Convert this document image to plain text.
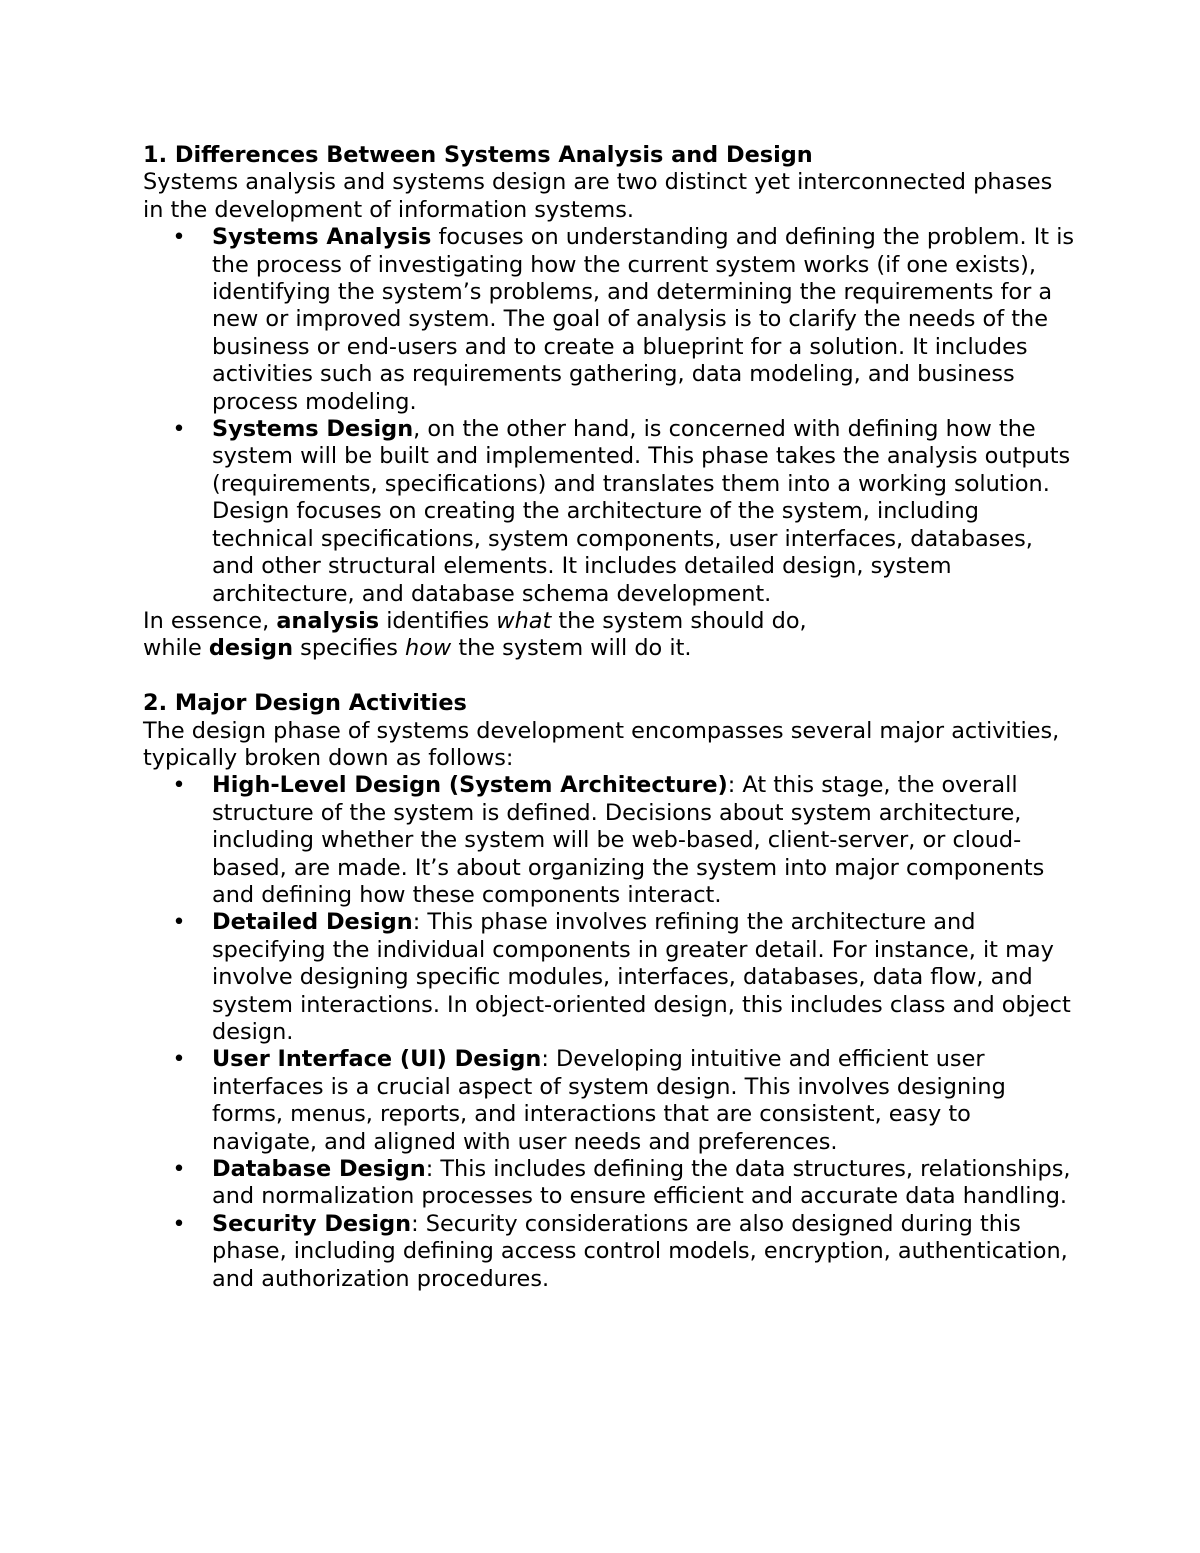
1. Differences Between Systems Analysis and Design

Systems analysis and systems design are two distinct yet interconnected phases in the development of information systems.

• Systems Analysis focuses on understanding and defining the problem. It is the process of investigating how the current system works (if one exists), identifying the system’s problems, and determining the requirements for a new or improved system. The goal of analysis is to clarify the needs of the business or end-users and to create a blueprint for a solution. It includes activities such as requirements gathering, data modeling, and business process modeling.
• Systems Design, on the other hand, is concerned with defining how the system will be built and implemented. This phase takes the analysis outputs (requirements, specifications) and translates them into a working solution. Design focuses on creating the architecture of the system, including technical specifications, system components, user interfaces, databases, and other structural elements. It includes detailed design, system architecture, and database schema development.

In essence, analysis identifies what the system should do,

while design specifies how the system will do it.

2. Major Design Activities

The design phase of systems development encompasses several major activities, typically broken down as follows:

• High-Level Design (System Architecture): At this stage, the overall structure of the system is defined. Decisions about system architecture, including whether the system will be web-based, client-server, or cloud-based, are made. It’s about organizing the system into major components and defining how these components interact.
• Detailed Design: This phase involves refining the architecture and specifying the individual components in greater detail. For instance, it may involve designing specific modules, interfaces, databases, data flow, and system interactions. In object-oriented design, this includes class and object design.
• User Interface (UI) Design: Developing intuitive and efficient user interfaces is a crucial aspect of system design. This involves designing forms, menus, reports, and interactions that are consistent, easy to navigate, and aligned with user needs and preferences.
• Database Design: This includes defining the data structures, relationships, and normalization processes to ensure efficient and accurate data handling.
• Security Design: Security considerations are also designed during this phase, including defining access control models, encryption, authentication, and authorization procedures.
